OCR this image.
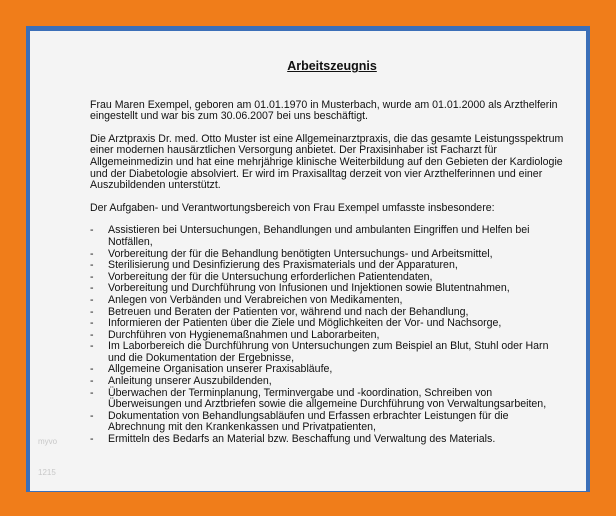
Arbeitszeugnis

Frau Maren Exempel, geboren am 01.01.1970 in Musterbach, wurde am 01.01.2000 als Arzthelferin eingestellt und war bis zum 30.06.2007 bei uns beschäftigt.

Die Arztpraxis Dr. med. Otto Muster ist eine Allgemeinarztpraxis, die das gesamte Leistungsspektrum einer modernen hausärztlichen Versorgung anbietet. Der Praxisinhaber ist Facharzt für Allgemeinmedizin und hat eine mehrjährige klinische Weiterbildung auf den Gebieten der Kardiologie und der Diabetologie absolviert. Er wird im Praxisalltag derzeit von vier Arzthelferinnen und einer Auszubildenden unterstützt.

Der Aufgaben- und Verantwortungsbereich von Frau Exempel umfasste insbesondere:

- Assistieren bei Untersuchungen, Behandlungen und ambulanten Eingriffen und Helfen bei Notfällen,
- Vorbereitung der für die Behandlung benötigten Untersuchungs- und Arbeitsmittel,
- Sterilisierung und Desinfizierung des Praxismaterials und der Apparaturen,
- Vorbereitung der für die Untersuchung erforderlichen Patientendaten,
- Vorbereitung und Durchführung von Infusionen und Injektionen sowie Blutentnahmen,
- Anlegen von Verbänden und Verabreichen von Medikamenten,
- Betreuen und Beraten der Patienten vor, während und nach der Behandlung,
- Informieren der Patienten über die Ziele und Möglichkeiten der Vor- und Nachsorge,
- Durchführen von Hygienemaßnahmen und Laborarbeiten,
- Im Laborbereich die Durchführung von Untersuchungen zum Beispiel an Blut, Stuhl oder Harn und die Dokumentation der Ergebnisse,
- Allgemeine Organisation unserer Praxisabläufe,
- Anleitung unserer Auszubildenden,
- Überwachen der Terminplanung, Terminvergabe und -koordination, Schreiben von Überweisungen und Arztbriefen sowie die allgemeine Durchführung von Verwaltungsarbeiten,
- Dokumentation von Behandlungsabläufen und Erfassen erbrachter Leistungen für die Abrechnung mit den Krankenkassen und Privatpatienten,
- Ermitteln des Bedarfs an Material bzw. Beschaffung und Verwaltung des Materials.
myvo
1215
